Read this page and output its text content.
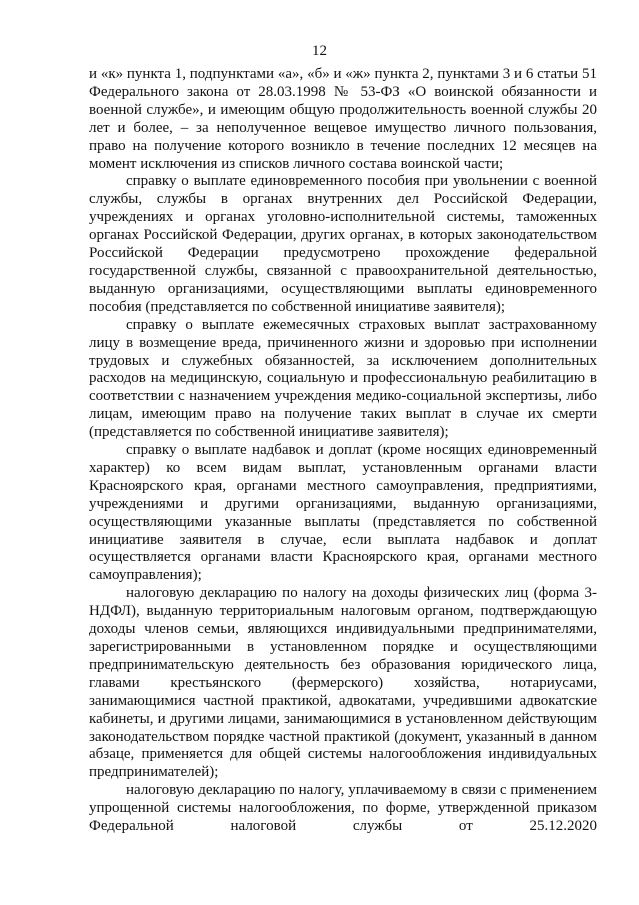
12

и «к» пункта 1, подпунктами «а», «б» и «ж» пункта 2, пунктами 3 и 6 статьи 51 Федерального закона от 28.03.1998 № 53-ФЗ «О воинской обязанности и военной службе», и имеющим общую продолжительность военной службы 20 лет и более, – за неполученное вещевое имущество личного пользования, право на получение которого возникло в течение последних 12 месяцев на момент исключения из списков личного состава воинской части;

справку о выплате единовременного пособия при увольнении с военной службы, службы в органах внутренних дел Российской Федерации, учреждениях и органах уголовно-исполнительной системы, таможенных органах Российской Федерации, других органах, в которых законодательством Российской Федерации предусмотрено прохождение федеральной государственной службы, связанной с правоохранительной деятельностью, выданную организациями, осуществляющими выплаты единовременного пособия (представляется по собственной инициативе заявителя);

справку о выплате ежемесячных страховых выплат застрахованному лицу в возмещение вреда, причиненного жизни и здоровью при исполнении трудовых и служебных обязанностей, за исключением дополнительных расходов на медицинскую, социальную и профессиональную реабилитацию в соответствии с назначением учреждения медико-социальной экспертизы, либо лицам, имеющим право на получение таких выплат в случае их смерти (представляется по собственной инициативе заявителя);

справку о выплате надбавок и доплат (кроме носящих единовременный характер) ко всем видам выплат, установленным органами власти Красноярского края, органами местного самоуправления, предприятиями, учреждениями и другими организациями, выданную организациями, осуществляющими указанные выплаты (представляется по собственной инициативе заявителя в случае, если выплата надбавок и доплат осуществляется органами власти Красноярского края, органами местного самоуправления);

налоговую декларацию по налогу на доходы физических лиц (форма 3-НДФЛ), выданную территориальным налоговым органом, подтверждающую доходы членов семьи, являющихся индивидуальными предпринимателями, зарегистрированными в установленном порядке и осуществляющими предпринимательскую деятельность без образования юридического лица, главами крестьянского (фермерского) хозяйства, нотариусами, занимающимися частной практикой, адвокатами, учредившими адвокатские кабинеты, и другими лицами, занимающимися в установленном действующим законодательством порядке частной практикой (документ, указанный в данном абзаце, применяется для общей системы налогообложения индивидуальных предпринимателей);

налоговую декларацию по налогу, уплачиваемому в связи с применением упрощенной системы налогообложения, по форме, утвержденной приказом Федеральной налоговой службы от 25.12.2020
